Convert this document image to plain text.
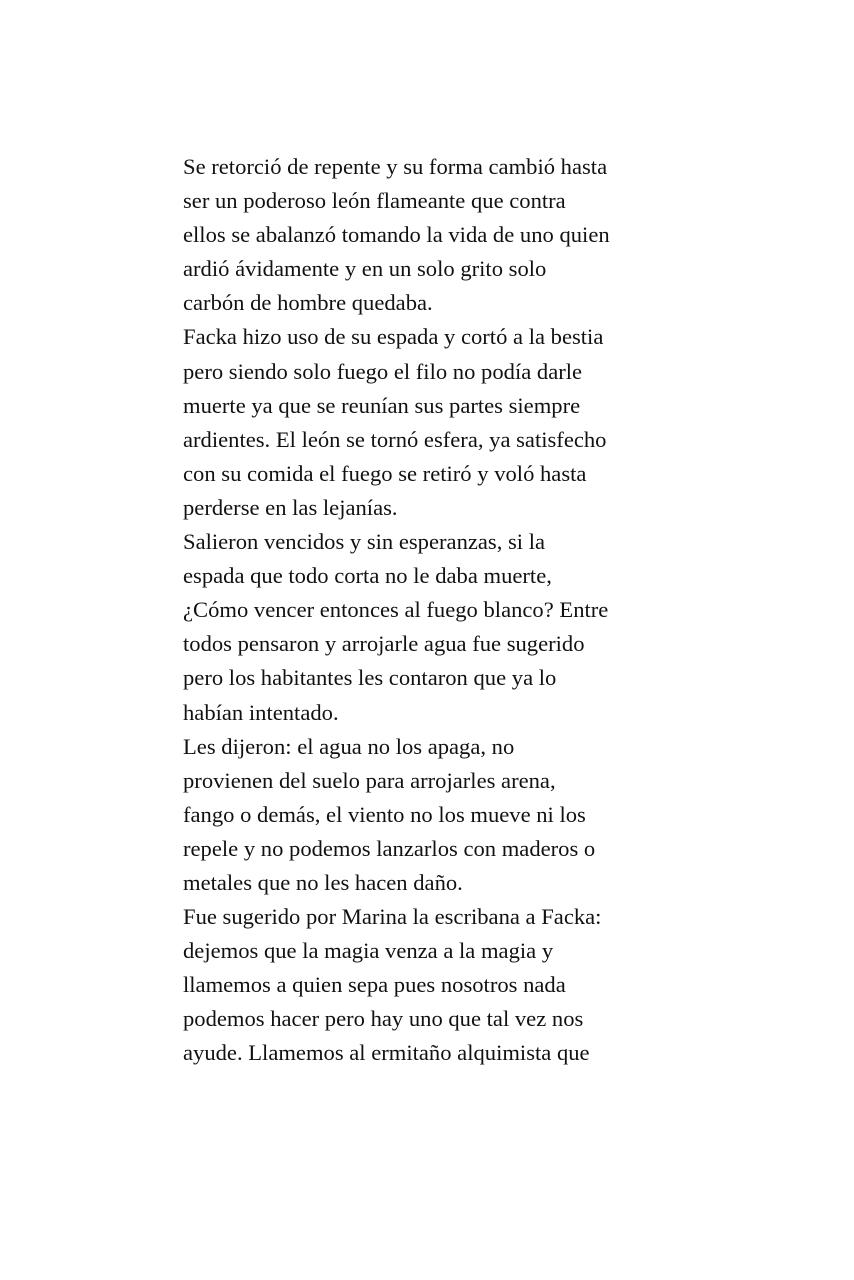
Se retorció de repente y su forma cambió hasta
ser un poderoso león flameante que contra
ellos se abalanzó tomando la vida de uno quien
ardió ávidamente y en un solo grito solo
carbón de hombre quedaba.
Facka hizo uso de su espada y cortó a la bestia
pero siendo solo fuego el filo no podía darle
muerte ya que se reunían sus partes siempre
ardientes. El león se tornó esfera, ya satisfecho
con su comida el fuego se retiró y voló hasta
perderse en las lejanías.
Salieron vencidos y sin esperanzas, si la
espada que todo corta no le daba muerte,
¿Cómo vencer entonces al fuego blanco? Entre
todos pensaron y arrojarle agua fue sugerido
pero los habitantes les contaron que ya lo
habían intentado.
Les dijeron: el agua no los apaga, no
provienen del suelo para arrojarles arena,
fango o demás, el viento no los mueve ni los
repele y no podemos lanzarlos con maderos o
metales que no les hacen daño.
Fue sugerido por Marina la escribana a Facka:
dejemos que la magia venza a la magia y
llamemos a quien sepa pues nosotros nada
podemos hacer pero hay uno que tal vez nos
ayude. Llamemos al ermitaño alquimista que
